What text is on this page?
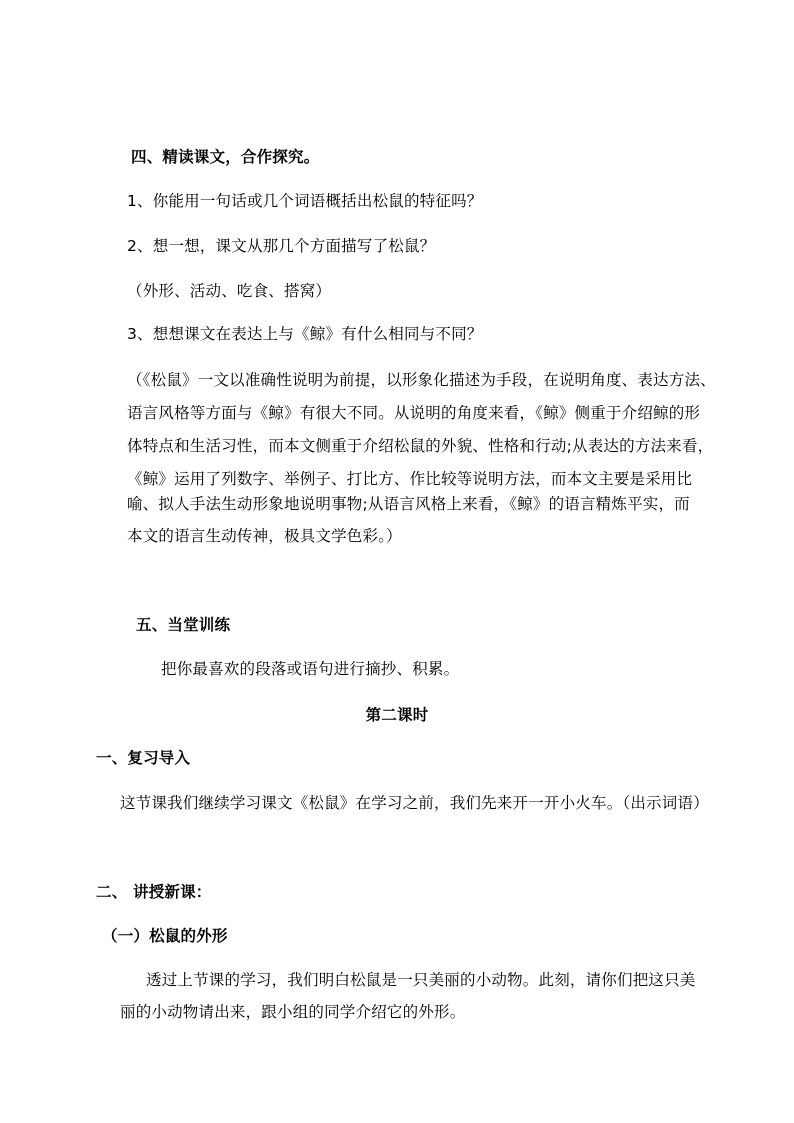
四、精读课文，合作探究。
1、你能用一句话或几个词语概括出松鼠的特征吗？
2、想一想，课文从那几个方面描写了松鼠？
（外形、活动、吃食、搭窝）
3、想想课文在表达上与《鲸》有什么相同与不同？
（《松鼠》一文以准确性说明为前提，以形象化描述为手段，在说明角度、表达方法、
语言风格等方面与《鲸》有很大不同。从说明的角度来看，《鲸》侧重于介绍鲸的形
体特点和生活习性，而本文侧重于介绍松鼠的外貌、性格和行动;从表达的方法来看，
《鲸》运用了列数字、举例子、打比方、作比较等说明方法，而本文主要是采用比
喻、拟人手法生动形象地说明事物;从语言风格上来看，《鲸》的语言精炼平实，而
本文的语言生动传神，极具文学色彩。）
五、当堂训练
把你最喜欢的段落或语句进行摘抄、积累。
第二课时
一、复习导入
这节课我们继续学习课文《松鼠》在学习之前，我们先来开一开小火车。（出示词语）
二、 讲授新课：
（一）松鼠的外形
透过上节课的学习，我们明白松鼠是一只美丽的小动物。此刻，请你们把这只美
丽的小动物请出来，跟小组的同学介绍它的外形。
